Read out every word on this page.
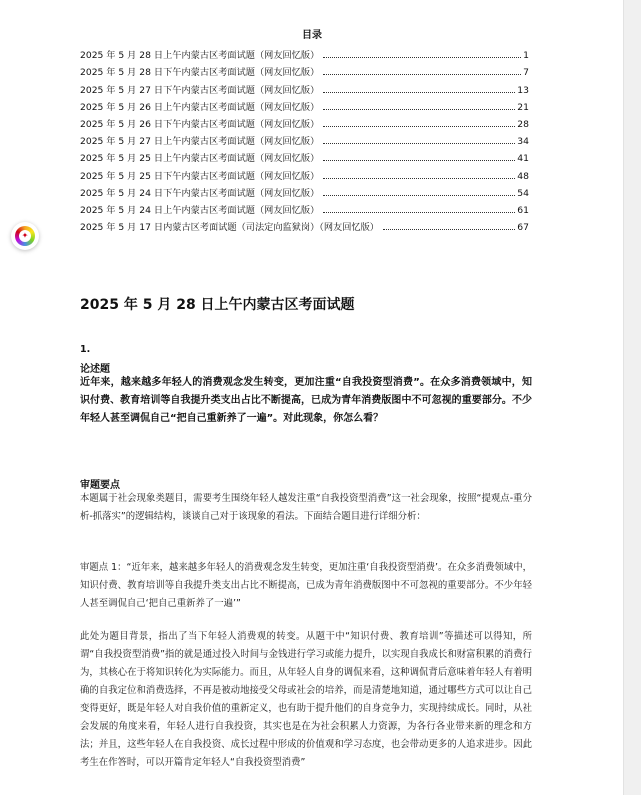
目录
2025 年 5 月 28 日上午内蒙古区考面试题（网友回忆版）	1
2025 年 5 月 28 日下午内蒙古区考面试题（网友回忆版）	7
2025 年 5 月 27 日下午内蒙古区考面试题（网友回忆版）	13
2025 年 5 月 26 日上午内蒙古区考面试题（网友回忆版）	21
2025 年 5 月 26 日下午内蒙古区考面试题（网友回忆版）	28
2025 年 5 月 27 日上午内蒙古区考面试题（网友回忆版）	34
2025 年 5 月 25 日上午内蒙古区考面试题（网友回忆版）	41
2025 年 5 月 25 日下午内蒙古区考面试题（网友回忆版）	48
2025 年 5 月 24 日下午内蒙古区考面试题（网友回忆版）	54
2025 年 5 月 24 日上午内蒙古区考面试题（网友回忆版）	61
2025 年 5 月 17 日内蒙古区考面试题（司法定向监狱岗）（网友回忆版）	67
2025 年 5 月 28 日上午内蒙古区考面试题
1.
论述题
近年来，越来越多年轻人的消费观念发生转变，更加注重“自我投资型消费”。在众多消费领域中，知识付费、教育培训等自我提升类支出占比不断提高，已成为青年消费版图中不可忽视的重要部分。不少年轻人甚至调侃自己“把自己重新养了一遍”。对此现象，你怎么看？
审题要点
本题属于社会现象类题目，需要考生围绕年轻人越发注重“自我投资型消费”这一社会现象，按照“提观点-重分析-抓落实”的逻辑结构，谈谈自己对于该现象的看法。下面结合题目进行详细分析：
审题点 1：“近年来，越来越多年轻人的消费观念发生转变，更加注重‘自我投资型消费’。在众多消费领域中，知识付费、教育培训等自我提升类支出占比不断提高，已成为青年消费版图中不可忽视的重要部分。不少年轻人甚至调侃自己‘把自己重新养了一遍’”
此处为题目背景，指出了当下年轻人消费观的转变。从题干中“知识付费、教育培训”等描述可以得知，所谓“自我投资型消费”指的就是通过投入时间与金钱进行学习或能力提升，以实现自我成长和财富积累的消费行为，其核心在于将知识转化为实际能力。而且，从年轻人自身的调侃来看，这种调侃背后意味着年轻人有着明确的自我定位和消费选择，不再是被动地接受父母或社会的培养，而是清楚地知道，通过哪些方式可以让自己变得更好，既是年轻人对自我价值的重新定义，也有助于提升他们的自身竞争力，实现持续成长。同时，从社会发展的角度来看，年轻人进行自我投资，其实也是在为社会积累人力资源，为各行各业带来新的理念和方法；并且，这些年轻人在自我投资、成长过程中形成的价值观和学习态度，也会带动更多的人追求进步。因此考生在作答时，可以开篇肯定年轻人“自我投资型消费”
✦
